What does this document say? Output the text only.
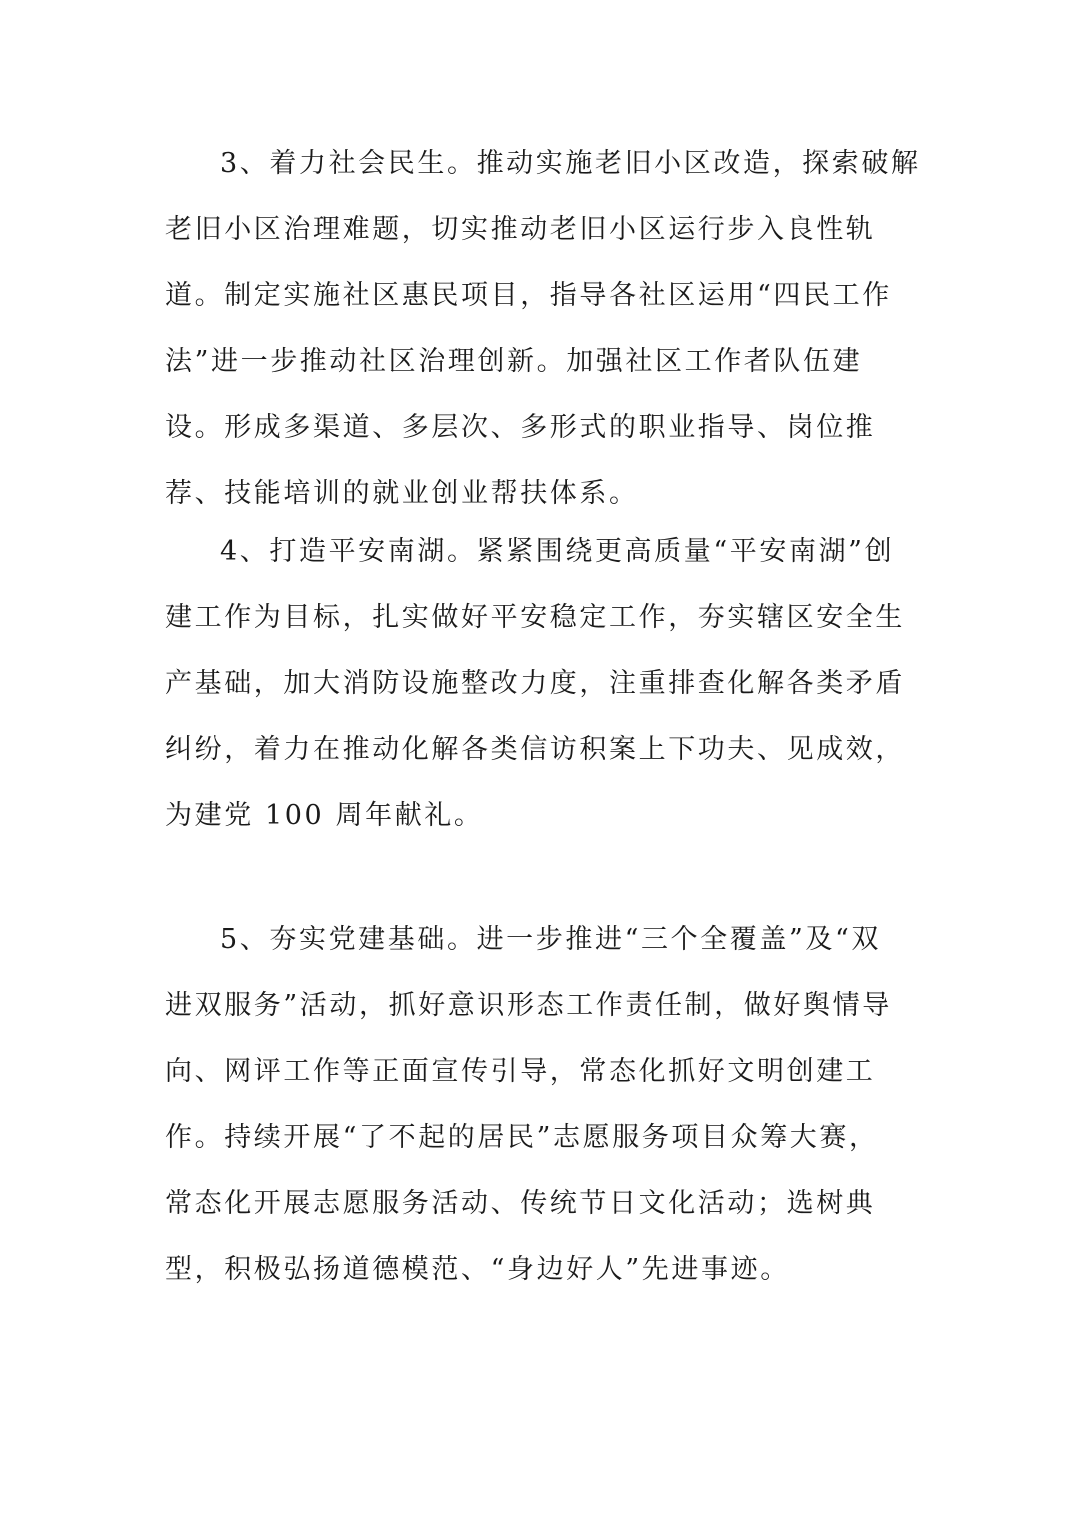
3、着力社会民生。推动实施老旧小区改造，探索破解
老旧小区治理难题，切实推动老旧小区运行步入良性轨
道。制定实施社区惠民项目，指导各社区运用“四民工作
法”进一步推动社区治理创新。加强社区工作者队伍建
设。形成多渠道、多层次、多形式的职业指导、岗位推
荐、技能培训的就业创业帮扶体系。
4、打造平安南湖。紧紧围绕更高质量“平安南湖”创
建工作为目标，扎实做好平安稳定工作，夯实辖区安全生
产基础，加大消防设施整改力度，注重排查化解各类矛盾
纠纷，着力在推动化解各类信访积案上下功夫、见成效，
为建党 100 周年献礼。
5、夯实党建基础。进一步推进“三个全覆盖”及“双
进双服务”活动，抓好意识形态工作责任制，做好舆情导
向、网评工作等正面宣传引导，常态化抓好文明创建工
作。持续开展“了不起的居民”志愿服务项目众筹大赛，
常态化开展志愿服务活动、传统节日文化活动；选树典
型，积极弘扬道德模范、“身边好人”先进事迹。
